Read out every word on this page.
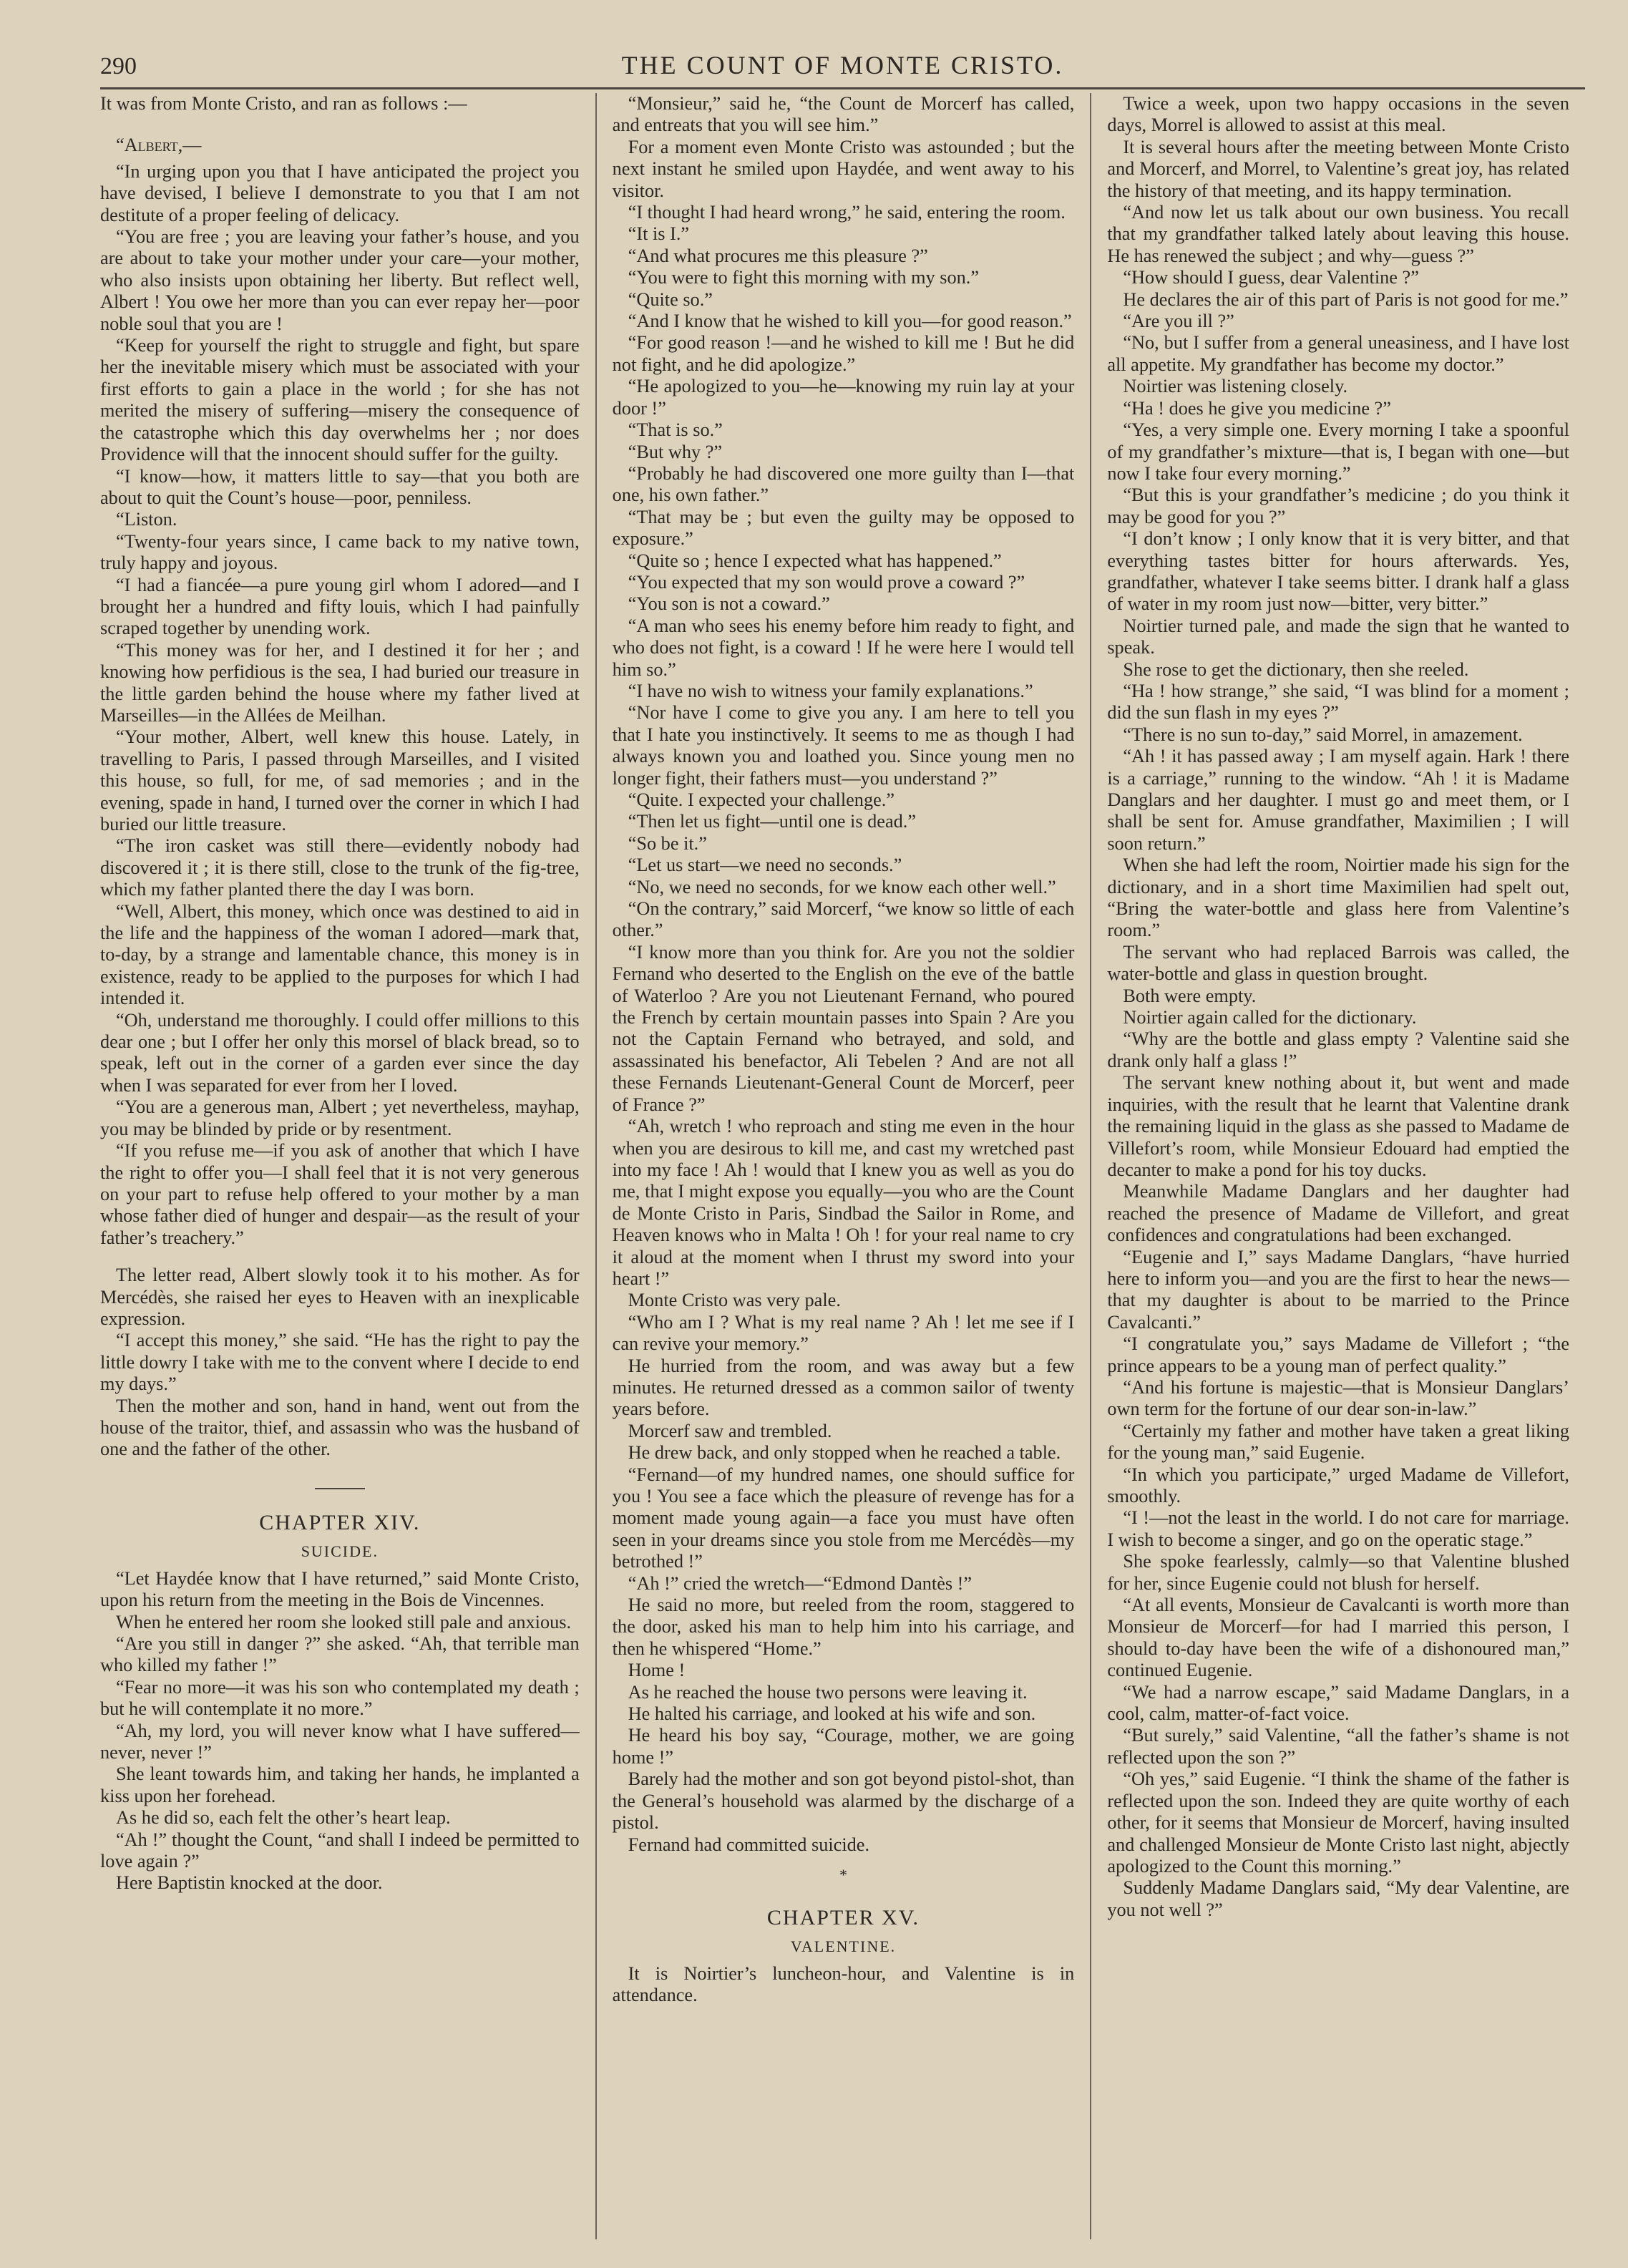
290	THE COUNT OF MONTE CRISTO.

It was from Monte Cristo, and ran as follows :—

“Albert,—

“In urging upon you that I have anticipated the project you have devised, I believe I demonstrate to you that I am not destitute of a proper feeling of delicacy.

“You are free ; you are leaving your father’s house, and you are about to take your mother under your care—your mother, who also insists upon obtaining her liberty. But reflect well, Albert ! You owe her more than you can ever repay her—poor noble soul that you are !

“Keep for yourself the right to struggle and fight, but spare her the inevitable misery which must be associated with your first efforts to gain a place in the world ; for she has not merited the misery of suffering—misery the consequence of the catastrophe which this day overwhelms her ; nor does Providence will that the innocent should suffer for the guilty.

“I know—how, it matters little to say—that you both are about to quit the Count’s house—poor, penniless.

“Liston.

“Twenty-four years since, I came back to my native town, truly happy and joyous.

“I had a fiancée—a pure young girl whom I adored—and I brought her a hundred and fifty louis, which I had painfully scraped together by unending work.

“This money was for her, and I destined it for her ; and knowing how perfidious is the sea, I had buried our treasure in the little garden behind the house where my father lived at Marseilles—in the Allées de Meilhan.

“Your mother, Albert, well knew this house. Lately, in travelling to Paris, I passed through Marseilles, and I visited this house, so full, for me, of sad memories ; and in the evening, spade in hand, I turned over the corner in which I had buried our little treasure.

“The iron casket was still there—evidently nobody had discovered it ; it is there still, close to the trunk of the fig-tree, which my father planted there the day I was born.

“Well, Albert, this money, which once was destined to aid in the life and the happiness of the woman I adored—mark that, to-day, by a strange and lamentable chance, this money is in existence, ready to be applied to the purposes for which I had intended it.

“Oh, understand me thoroughly. I could offer millions to this dear one ; but I offer her only this morsel of black bread, so to speak, left out in the corner of a garden ever since the day when I was separated for ever from her I loved.

“You are a generous man, Albert ; yet nevertheless, mayhap, you may be blinded by pride or by resentment.

“If you refuse me—if you ask of another that which I have the right to offer you—I shall feel that it is not very generous on your part to refuse help offered to your mother by a man whose father died of hunger and despair—as the result of your father’s treachery.”

The letter read, Albert slowly took it to his mother. As for Mercédès, she raised her eyes to Heaven with an inexplicable expression.

“I accept this money,” she said. “He has the right to pay the little dowry I take with me to the convent where I decide to end my days.”

Then the mother and son, hand in hand, went out from the house of the traitor, thief, and assassin who was the husband of one and the father of the other.

CHAPTER XIV.
SUICIDE.

“Let Haydée know that I have returned,” said Monte Cristo, upon his return from the meeting in the Bois de Vincennes.

When he entered her room she looked still pale and anxious.

“Are you still in danger ?” she asked. “Ah, that terrible man who killed my father !”

“Fear no more—it was his son who contemplated my death ; but he will contemplate it no more.”

“Ah, my lord, you will never know what I have suffered—never, never !”

She leant towards him, and taking her hands, he implanted a kiss upon her forehead.

As he did so, each felt the other’s heart leap.

“Ah !” thought the Count, “and shall I indeed be permitted to love again ?”

Here Baptistin knocked at the door.

“Monsieur,” said he, “the Count de Morcerf has called, and entreats that you will see him.”

For a moment even Monte Cristo was astounded ; but the next instant he smiled upon Haydée, and went away to his visitor.

“I thought I had heard wrong,” he said, entering the room.

“It is I.”

“And what procures me this pleasure ?”

“You were to fight this morning with my son.”

“Quite so.”

“And I know that he wished to kill you—for good reason.”

“For good reason !—and he wished to kill me ! But he did not fight, and he did apologize.”

“He apologized to you—he—knowing my ruin lay at your door !”

“That is so.”

“But why ?”

“Probably he had discovered one more guilty than I—that one, his own father.”

“That may be ; but even the guilty may be opposed to exposure.”

“Quite so ; hence I expected what has happened.”

“You expected that my son would prove a coward ?”

“You son is not a coward.”

“A man who sees his enemy before him ready to fight, and who does not fight, is a coward ! If he were here I would tell him so.”

“I have no wish to witness your family explanations.”

“Nor have I come to give you any. I am here to tell you that I hate you instinctively. It seems to me as though I had always known you and loathed you. Since young men no longer fight, their fathers must—you understand ?”

“Quite. I expected your challenge.”

“Then let us fight—until one is dead.”

“So be it.”

“Let us start—we need no seconds.”

“No, we need no seconds, for we know each other well.”

“On the contrary,” said Morcerf, “we know so little of each other.”

“I know more than you think for. Are you not the soldier Fernand who deserted to the English on the eve of the battle of Waterloo ? Are you not Lieutenant Fernand, who poured the French by certain mountain passes into Spain ? Are you not the Captain Fernand who betrayed, and sold, and assassinated his benefactor, Ali Tebelen ? And are not all these Fernands Lieutenant-General Count de Morcerf, peer of France ?”

“Ah, wretch ! who reproach and sting me even in the hour when you are desirous to kill me, and cast my wretched past into my face ! Ah ! would that I knew you as well as you do me, that I might expose you equally—you who are the Count de Monte Cristo in Paris, Sindbad the Sailor in Rome, and Heaven knows who in Malta ! Oh ! for your real name to cry it aloud at the moment when I thrust my sword into your heart !”

Monte Cristo was very pale.

“Who am I ? What is my real name ? Ah ! let me see if I can revive your memory.”

He hurried from the room, and was away but a few minutes. He returned dressed as a common sailor of twenty years before.

Morcerf saw and trembled.

He drew back, and only stopped when he reached a table.

“Fernand—of my hundred names, one should suffice for you ! You see a face which the pleasure of revenge has for a moment made young again—a face you must have often seen in your dreams since you stole from me Mercédès—my betrothed !”

“Ah !” cried the wretch—“Edmond Dantès !”

He said no more, but reeled from the room, staggered to the door, asked his man to help him into his carriage, and then he whispered “Home.”

Home !

As he reached the house two persons were leaving it.

He halted his carriage, and looked at his wife and son.

He heard his boy say, “Courage, mother, we are going home !”

Barely had the mother and son got beyond pistol-shot, than the General’s household was alarmed by the discharge of a pistol.

Fernand had committed suicide.

*
CHAPTER XV.
VALENTINE.

It is Noirtier’s luncheon-hour, and Valentine is in attendance.

Twice a week, upon two happy occasions in the seven days, Morrel is allowed to assist at this meal.

It is several hours after the meeting between Monte Cristo and Morcerf, and Morrel, to Valentine’s great joy, has related the history of that meeting, and its happy termination.

“And now let us talk about our own business. You recall that my grandfather talked lately about leaving this house. He has renewed the subject ; and why—guess ?”

“How should I guess, dear Valentine ?”

He declares the air of this part of Paris is not good for me.”

“Are you ill ?”

“No, but I suffer from a general uneasiness, and I have lost all appetite. My grandfather has become my doctor.”

Noirtier was listening closely.

“Ha ! does he give you medicine ?”

“Yes, a very simple one. Every morning I take a spoonful of my grandfather’s mixture—that is, I began with one—but now I take four every morning.”

“But this is your grandfather’s medicine ; do you think it may be good for you ?”

“I don’t know ; I only know that it is very bitter, and that everything tastes bitter for hours afterwards. Yes, grandfather, whatever I take seems bitter. I drank half a glass of water in my room just now—bitter, very bitter.”

Noirtier turned pale, and made the sign that he wanted to speak.

She rose to get the dictionary, then she reeled.

“Ha ! how strange,” she said, “I was blind for a moment ; did the sun flash in my eyes ?”

“There is no sun to-day,” said Morrel, in amazement.

“Ah ! it has passed away ; I am myself again. Hark ! there is a carriage,” running to the window. “Ah ! it is Madame Danglars and her daughter. I must go and meet them, or I shall be sent for. Amuse grandfather, Maximilien ; I will soon return.”

When she had left the room, Noirtier made his sign for the dictionary, and in a short time Maximilien had spelt out, “Bring the water-bottle and glass here from Valentine’s room.”

The servant who had replaced Barrois was called, the water-bottle and glass in question brought.

Both were empty.

Noirtier again called for the dictionary.

“Why are the bottle and glass empty ? Valentine said she drank only half a glass !”

The servant knew nothing about it, but went and made inquiries, with the result that he learnt that Valentine drank the remaining liquid in the glass as she passed to Madame de Villefort’s room, while Monsieur Edouard had emptied the decanter to make a pond for his toy ducks.

Meanwhile Madame Danglars and her daughter had reached the presence of Madame de Villefort, and great confidences and congratulations had been exchanged.

“Eugenie and I,” says Madame Danglars, “have hurried here to inform you—and you are the first to hear the news—that my daughter is about to be married to the Prince Cavalcanti.”

“I congratulate you,” says Madame de Villefort ; “the prince appears to be a young man of perfect quality.”

“And his fortune is majestic—that is Monsieur Danglars’ own term for the fortune of our dear son-in-law.”

“Certainly my father and mother have taken a great liking for the young man,” said Eugenie.

“In which you participate,” urged Madame de Villefort, smoothly.

“I !—not the least in the world. I do not care for marriage. I wish to become a singer, and go on the operatic stage.”

She spoke fearlessly, calmly—so that Valentine blushed for her, since Eugenie could not blush for herself.

“At all events, Monsieur de Cavalcanti is worth more than Monsieur de Morcerf—for had I married this person, I should to-day have been the wife of a dishonoured man,” continued Eugenie.

“We had a narrow escape,” said Madame Danglars, in a cool, calm, matter-of-fact voice.

“But surely,” said Valentine, “all the father’s shame is not reflected upon the son ?”

“Oh yes,” said Eugenie. “I think the shame of the father is reflected upon the son. Indeed they are quite worthy of each other, for it seems that Monsieur de Morcerf, having insulted and challenged Monsieur de Monte Cristo last night, abjectly apologized to the Count this morning.”

Suddenly Madame Danglars said, “My dear Valentine, are you not well ?”
